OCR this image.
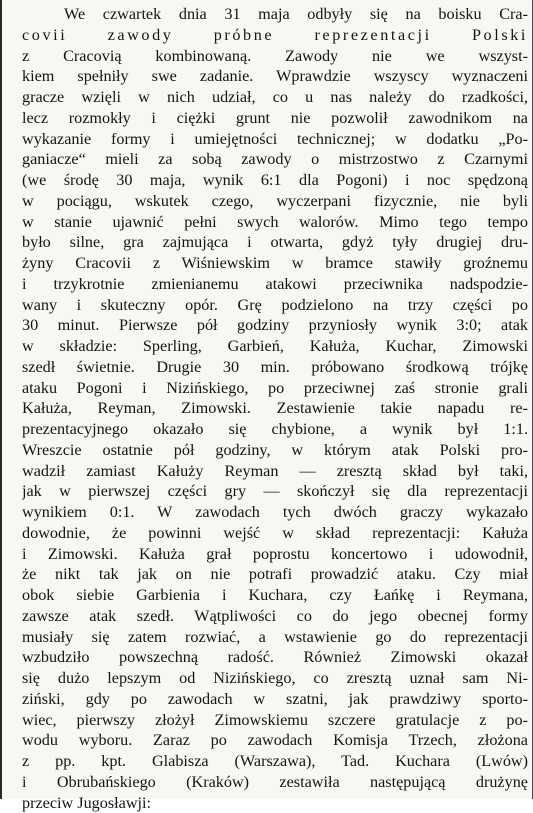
We czwartek dnia 31 maja odbyły się na boisku Cra-
covii zawody próbne reprezentacji Polski
z Cracovią kombinowaną. Zawody nie we wszyst-
kiem spełniły swe zadanie. Wprawdzie wszyscy wyznaczeni
gracze wzięli w nich udział, co u nas należy do rzadkości,
lecz rozmokły i ciężki grunt nie pozwolił zawodnikom na
wykazanie formy i umiejętności technicznej; w dodatku „Po-
ganiacze“ mieli za sobą zawody o mistrzostwo z Czarnymi
(we środę 30 maja, wynik 6:1 dla Pogoni) i noc spędzoną
w pociągu, wskutek czego, wyczerpani fizycznie, nie byli
w stanie ujawnić pełni swych walorów. Mimo tego tempo
było silne, gra zajmująca i otwarta, gdyż tyły drugiej dru-
żyny Cracovii z Wiśniewskim w bramce stawiły groźnemu
i trzykrotnie zmienianemu atakowi przeciwnika nadspodzie-
wany i skuteczny opór. Grę podzielono na trzy części po
30 minut. Pierwsze pół godziny przyniosły wynik 3:0; atak
w składzie: Sperling, Garbień, Kałuża, Kuchar, Zimowski
szedł świetnie. Drugie 30 min. próbowano środkową trójkę
ataku Pogoni i Nizińskiego, po przeciwnej zaś stronie grali
Kałuża, Reyman, Zimowski. Zestawienie takie napadu re-
prezentacyjnego okazało się chybione, a wynik był 1:1.
Wreszcie ostatnie pół godziny, w którym atak Polski pro-
wadził zamiast Kałuży Reyman — zresztą skład był taki,
jak w pierwszej części gry — skończył się dla reprezentacji
wynikiem 0:1. W zawodach tych dwóch graczy wykazało
dowodnie, że powinni wejść w skład reprezentacji: Kałuża
i Zimowski. Kałuża grał poprostu koncertowo i udowodnił,
że nikt tak jak on nie potrafi prowadzić ataku. Czy miał
obok siebie Garbienia i Kuchara, czy Łańkę i Reymana,
zawsze atak szedł. Wątpliwości co do jego obecnej formy
musiały się zatem rozwiać, a wstawienie go do reprezentacji
wzbudziło powszechną radość. Również Zimowski okazał
się dużo lepszym od Nizińskiego, co zresztą uznał sam Ni-
ziński, gdy po zawodach w szatni, jak prawdziwy sporto-
wiec, pierwszy złożył Zimowskiemu szczere gratulacje z po-
wodu wyboru. Zaraz po zawodach Komisja Trzech, złożona
z pp. kpt. Glabisza (Warszawa), Tad. Kuchara (Lwów)
i Obrubańskiego (Kraków) zestawiła następującą drużynę
przeciw Jugosławji:
